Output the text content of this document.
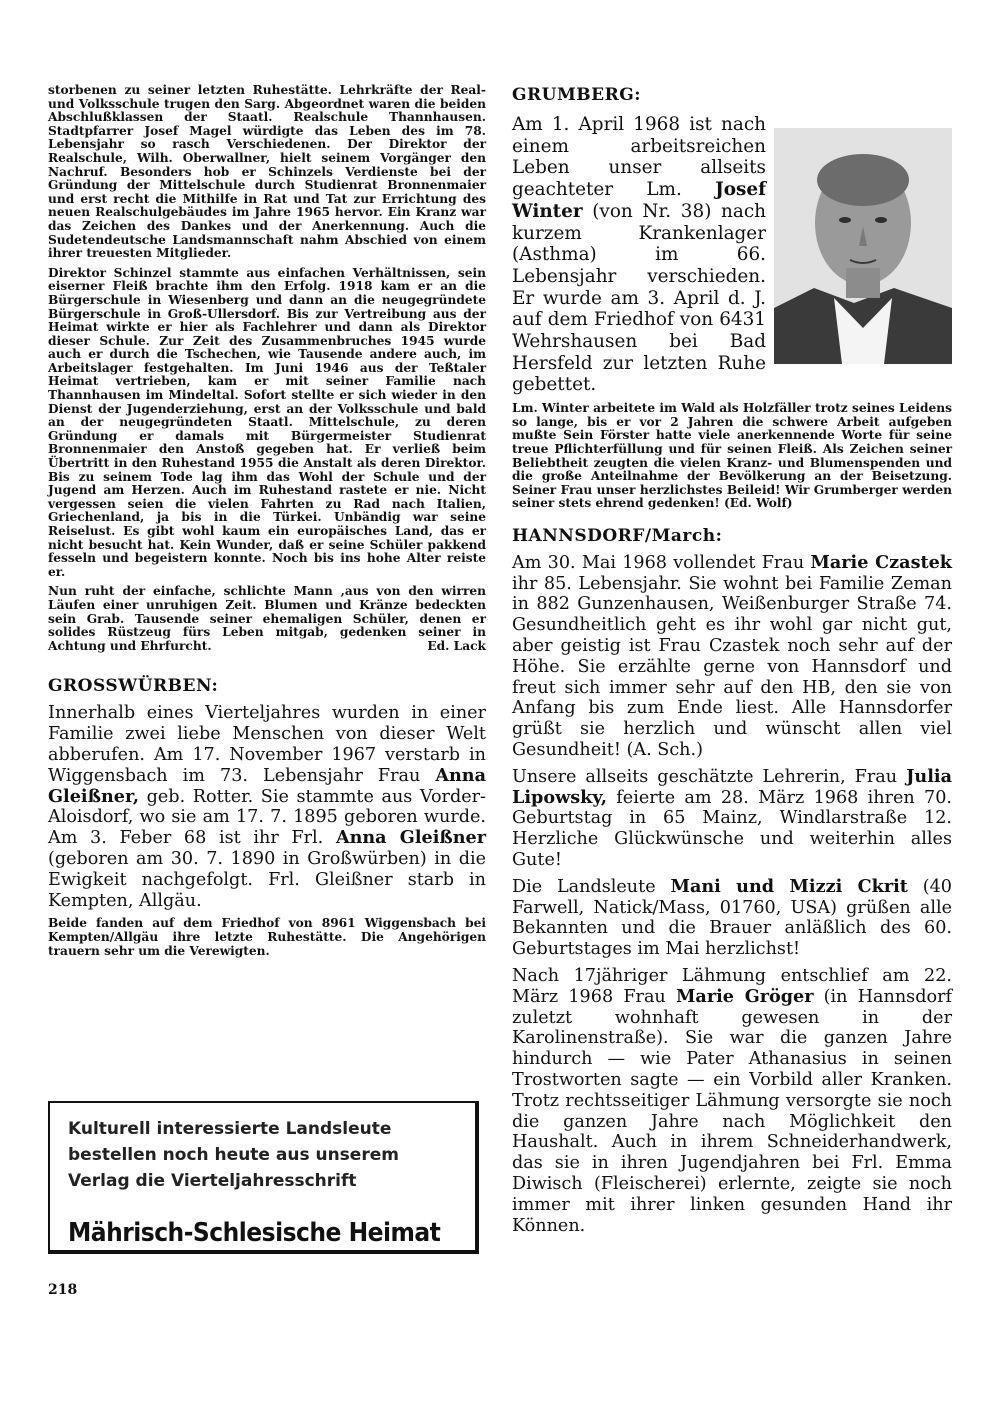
storbenen zu seiner letzten Ruhestätte. Lehrkräfte der Real- und Volksschule trugen den Sarg. Abgeordnet waren die beiden Abschlußklassen der Staatl. Realschule Thannhausen. Stadtpfarrer Josef Magel würdigte das Leben des im 78. Lebensjahr so rasch Verschiedenen. Der Direktor der Realschule, Wilh. Oberwallner, hielt seinem Vorgänger den Nachruf. Besonders hob er Schinzels Verdienste bei der Gründung der Mittelschule durch Studienrat Bronnenmaier und erst recht die Mithilfe in Rat und Tat zur Errichtung des neuen Realschulgebäudes im Jahre 1965 hervor. Ein Kranz war das Zeichen des Dankes und der Anerkennung. Auch die Sudetendeutsche Landsmannschaft nahm Abschied von einem ihrer treuesten Mitglieder.

Direktor Schinzel stammte aus einfachen Verhältnissen, sein eiserner Fleiß brachte ihm den Erfolg. 1918 kam er an die Bürgerschule in Wiesenberg und dann an die neugegründete Bürgerschule in Groß-Ullersdorf. Bis zur Vertreibung aus der Heimat wirkte er hier als Fachlehrer und dann als Direktor dieser Schule. Zur Zeit des Zusammenbruches 1945 wurde auch er durch die Tschechen, wie Tausende andere auch, im Arbeitslager festgehalten. Im Juni 1946 aus der Teßtaler Heimat vertrieben, kam er mit seiner Familie nach Thannhausen im Mindeltal. Sofort stellte er sich wieder in den Dienst der Jugenderziehung, erst an der Volksschule und bald an der neugegründeten Staatl. Mittelschule, zu deren Gründung er damals mit Bürgermeister Studienrat Bronnenmaier den Anstoß gegeben hat. Er verließ beim Übertritt in den Ruhestand 1955 die Anstalt als deren Direktor. Bis zu seinem Tode lag ihm das Wohl der Schule und der Jugend am Herzen. Auch im Ruhestand rastete er nie. Nicht vergessen seien die vielen Fahrten zu Rad nach Italien, Griechenland, ja bis in die Türkei. Unbändig war seine Reiselust. Es gibt wohl kaum ein europäisches Land, das er nicht besucht hat. Kein Wunder, daß er seine Schüler pakkend fesseln und begeistern konnte. Noch bis ins hohe Alter reiste er.

Nun ruht der einfache, schlichte Mann ,aus von den wirren Läufen einer unruhigen Zeit. Blumen und Kränze bedeckten sein Grab. Tausende seiner ehemaligen Schüler, denen er solides Rüstzeug fürs Leben mitgab, gedenken seiner in Achtung und Ehrfurcht.	Ed. Lack

GROSSWÜRBEN:

Innerhalb eines Vierteljahres wurden in einer Familie zwei liebe Menschen von dieser Welt abberufen. Am 17. November 1967 verstarb in Wiggensbach im 73. Lebensjahr Frau Anna Gleißner, geb. Rotter. Sie stammte aus Vorder-Aloisdorf, wo sie am 17. 7. 1895 geboren wurde. Am 3. Feber 68 ist ihr Frl. Anna Gleißner (geboren am 30. 7. 1890 in Großwürben) in die Ewigkeit nachgefolgt. Frl. Gleißner starb in Kempten, Allgäu.

Beide fanden auf dem Friedhof von 8961 Wiggensbach bei Kempten/Allgäu ihre letzte Ruhestätte. Die Angehörigen trauern sehr um die Verewigten.

Kulturell interessierte Landsleute
bestellen noch heute aus unserem
Verlag die Vierteljahresschrift
Mährisch-Schlesische Heimat
218
GRUMBERG:

Am 1. April 1968 ist nach einem arbeitsreichen Leben unser allseits geachteter Lm. Josef Winter (von Nr. 38) nach kurzem Krankenlager (Asthma) im 66. Lebensjahr verschieden. Er wurde am 3. April d. J. auf dem Friedhof von 6431 Wehrshausen bei Bad Hersfeld zur letzten Ruhe gebettet.

Lm. Winter arbeitete im Wald als Holzfäller trotz seines Leidens so lange, bis er vor 2 Jahren die schwere Arbeit aufgeben mußte Sein Förster hatte viele anerkennende Worte für seine treue Pflichterfüllung und für seinen Fleiß. Als Zeichen seiner Beliebtheit zeugten die vielen Kranz- und Blumenspenden und die große Anteilnahme der Bevölkerung an der Beisetzung. Seiner Frau unser herzlichstes Beileid! Wir Grumberger werden seiner stets ehrend gedenken! (Ed. Wolf)

HANNSDORF/March:

Am 30. Mai 1968 vollendet Frau Marie Czastek ihr 85. Lebensjahr. Sie wohnt bei Familie Zeman in 882 Gunzenhausen, Weißenburger Straße 74. Gesundheitlich geht es ihr wohl gar nicht gut, aber geistig ist Frau Czastek noch sehr auf der Höhe. Sie erzählte gerne von Hannsdorf und freut sich immer sehr auf den HB, den sie von Anfang bis zum Ende liest. Alle Hannsdorfer grüßt sie herzlich und wünscht allen viel Gesundheit! (A. Sch.)

Unsere allseits geschätzte Lehrerin, Frau Julia Lipowsky, feierte am 28. März 1968 ihren 70. Geburtstag in 65 Mainz, Windlarstraße 12. Herzliche Glückwünsche und weiterhin alles Gute!

Die Landsleute Mani und Mizzi Ckrit (40 Farwell, Natick/Mass, 01760, USA) grüßen alle Bekannten und die Brauer anläßlich des 60. Geburtstages im Mai herzlichst!

Nach 17jähriger Lähmung entschlief am 22. März 1968 Frau Marie Gröger (in Hannsdorf zuletzt wohnhaft gewesen in der Karolinenstraße). Sie war die ganzen Jahre hindurch — wie Pater Athanasius in seinen Trostworten sagte — ein Vorbild aller Kranken. Trotz rechtsseitiger Lähmung versorgte sie noch die ganzen Jahre nach Möglichkeit den Haushalt. Auch in ihrem Schneiderhandwerk, das sie in ihren Jugendjahren bei Frl. Emma Diwisch (Fleischerei) erlernte, zeigte sie noch immer mit ihrer linken gesunden Hand ihr Können.
